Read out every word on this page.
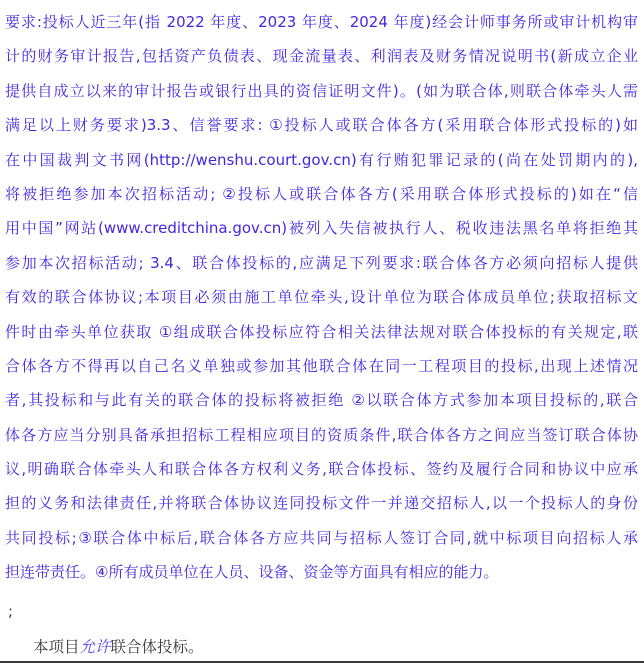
要求:投标人近三年(指 2022 年度、2023 年度、2024 年度)经会计师事务所或审计机构审
计的财务审计报告,包括资产负债表、现金流量表、利润表及财务情况说明书(新成立企业
提供自成立以来的审计报告或银行出具的资信证明文件)。(如为联合体,则联合体牵头人需
满足以上财务要求)3.3、信誉要求: ①投标人或联合体各方(采用联合体形式投标的)如
在中国裁判文书网(http://wenshu.court.gov.cn)有行贿犯罪记录的(尚在处罚期内的),
将被拒绝参加本次招标活动; ②投标人或联合体各方(采用联合体形式投标的)如在“信
用中国”网站(www.creditchina.gov.cn)被列入失信被执行人、税收违法黑名单将拒绝其
参加本次招标活动; 3.4、联合体投标的,应满足下列要求:联合体各方必须向招标人提供
有效的联合体协议;本项目必须由施工单位牵头,设计单位为联合体成员单位;获取招标文
件时由牵头单位获取 ①组成联合体投标应符合相关法律法规对联合体投标的有关规定,联
合体各方不得再以自己名义单独或参加其他联合体在同一工程项目的投标,出现上述情况
者,其投标和与此有关的联合体的投标将被拒绝 ②以联合体方式参加本项目投标的,联合
体各方应当分别具备承担招标工程相应项目的资质条件,联合体各方之间应当签订联合体协
议,明确联合体牵头人和联合体各方权利义务,联合体投标、签约及履行合同和协议中应承
担的义务和法律责任,并将联合体协议连同投标文件一并递交招标人,以一个投标人的身份
共同投标;③联合体中标后,联合体各方应共同与招标人签订合同,就中标项目向招标人承
担连带责任。④所有成员单位在人员、设备、资金等方面具有相应的能力。
;
本项目允许联合体投标。
